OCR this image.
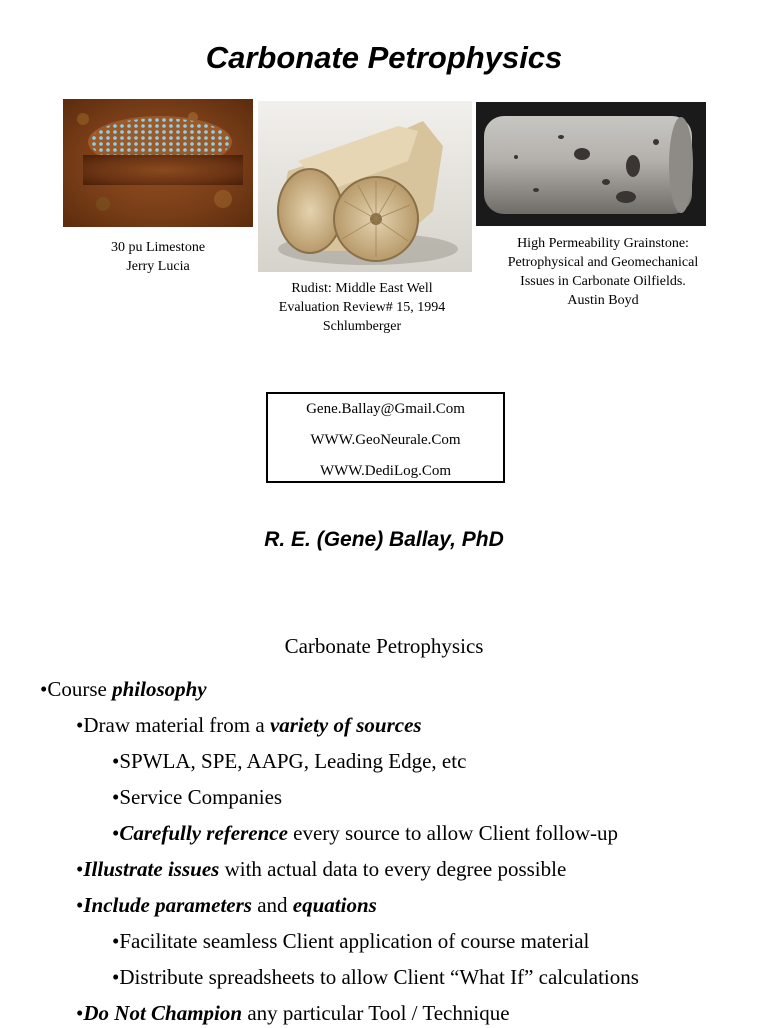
Carbonate Petrophysics
30 pu Limestone
Jerry Lucia
Rudist: Middle East Well
Evaluation Review# 15, 1994
Schlumberger
High Permeability Grainstone:
Petrophysical and Geomechanical
Issues in Carbonate Oilfields.
Austin Boyd
Gene.Ballay@Gmail.Com
WWW.GeoNeurale.Com
WWW.DediLog.Com
R. E. (Gene) Ballay, PhD
Carbonate Petrophysics
•Course philosophy
•Draw material from a variety of sources
•SPWLA, SPE, AAPG, Leading Edge, etc
•Service Companies
•Carefully reference every source to allow Client follow-up
•Illustrate issues with actual data to every degree possible
•Include parameters and equations
•Facilitate seamless Client application of course material
•Distribute spreadsheets to allow Client “What If” calculations
•Do Not Champion any particular Tool / Technique
